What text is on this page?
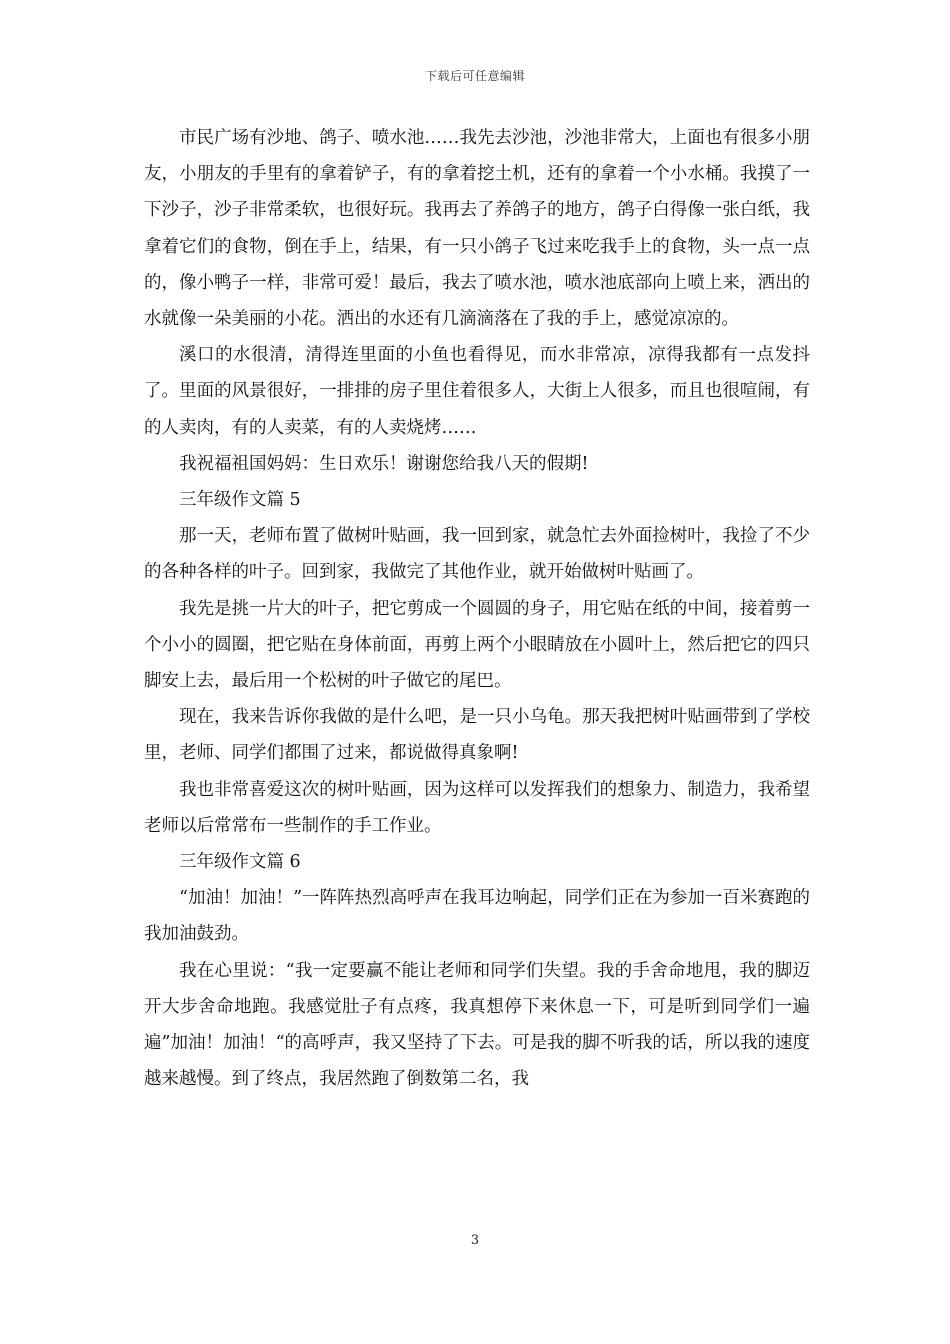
下载后可任意编辑

市民广场有沙地、鸽子、喷水池……我先去沙池，沙池非常大，上面也有很多小朋友，小朋友的手里有的拿着铲子，有的拿着挖土机，还有的拿着一个小水桶。我摸了一下沙子，沙子非常柔软，也很好玩。我再去了养鸽子的地方，鸽子白得像一张白纸，我拿着它们的食物，倒在手上，结果，有一只小鸽子飞过来吃我手上的食物，头一点一点的，像小鸭子一样，非常可爱！最后，我去了喷水池，喷水池底部向上喷上来，洒出的水就像一朵美丽的小花。洒出的水还有几滴滴落在了我的手上，感觉凉凉的。

溪口的水很清，清得连里面的小鱼也看得见，而水非常凉，凉得我都有一点发抖了。里面的风景很好，一排排的房子里住着很多人，大街上人很多，而且也很喧闹，有的人卖肉，有的人卖菜，有的人卖烧烤……

我祝福祖国妈妈：生日欢乐！谢谢您给我八天的假期!

三年级作文篇 5

那一天，老师布置了做树叶贴画，我一回到家，就急忙去外面捡树叶，我捡了不少的各种各样的叶子。回到家，我做完了其他作业，就开始做树叶贴画了。

我先是挑一片大的叶子，把它剪成一个圆圆的身子，用它贴在纸的中间，接着剪一个小小的圆圈，把它贴在身体前面，再剪上两个小眼睛放在小圆叶上，然后把它的四只脚安上去，最后用一个松树的叶子做它的尾巴。

现在，我来告诉你我做的是什么吧，是一只小乌龟。那天我把树叶贴画带到了学校里，老师、同学们都围了过来，都说做得真象啊!

我也非常喜爱这次的树叶贴画，因为这样可以发挥我们的想象力、制造力，我希望老师以后常常布一些制作的手工作业。

三年级作文篇 6

“加油！加油！”一阵阵热烈高呼声在我耳边响起，同学们正在为参加一百米赛跑的我加油鼓劲。

我在心里说：“我一定要赢不能让老师和同学们失望。我的手舍命地甩，我的脚迈开大步舍命地跑。我感觉肚子有点疼，我真想停下来休息一下，可是听到同学们一遍遍”加油！加油！“的高呼声，我又坚持了下去。可是我的脚不听我的话，所以我的速度越来越慢。到了终点，我居然跑了倒数第二名，我

3
